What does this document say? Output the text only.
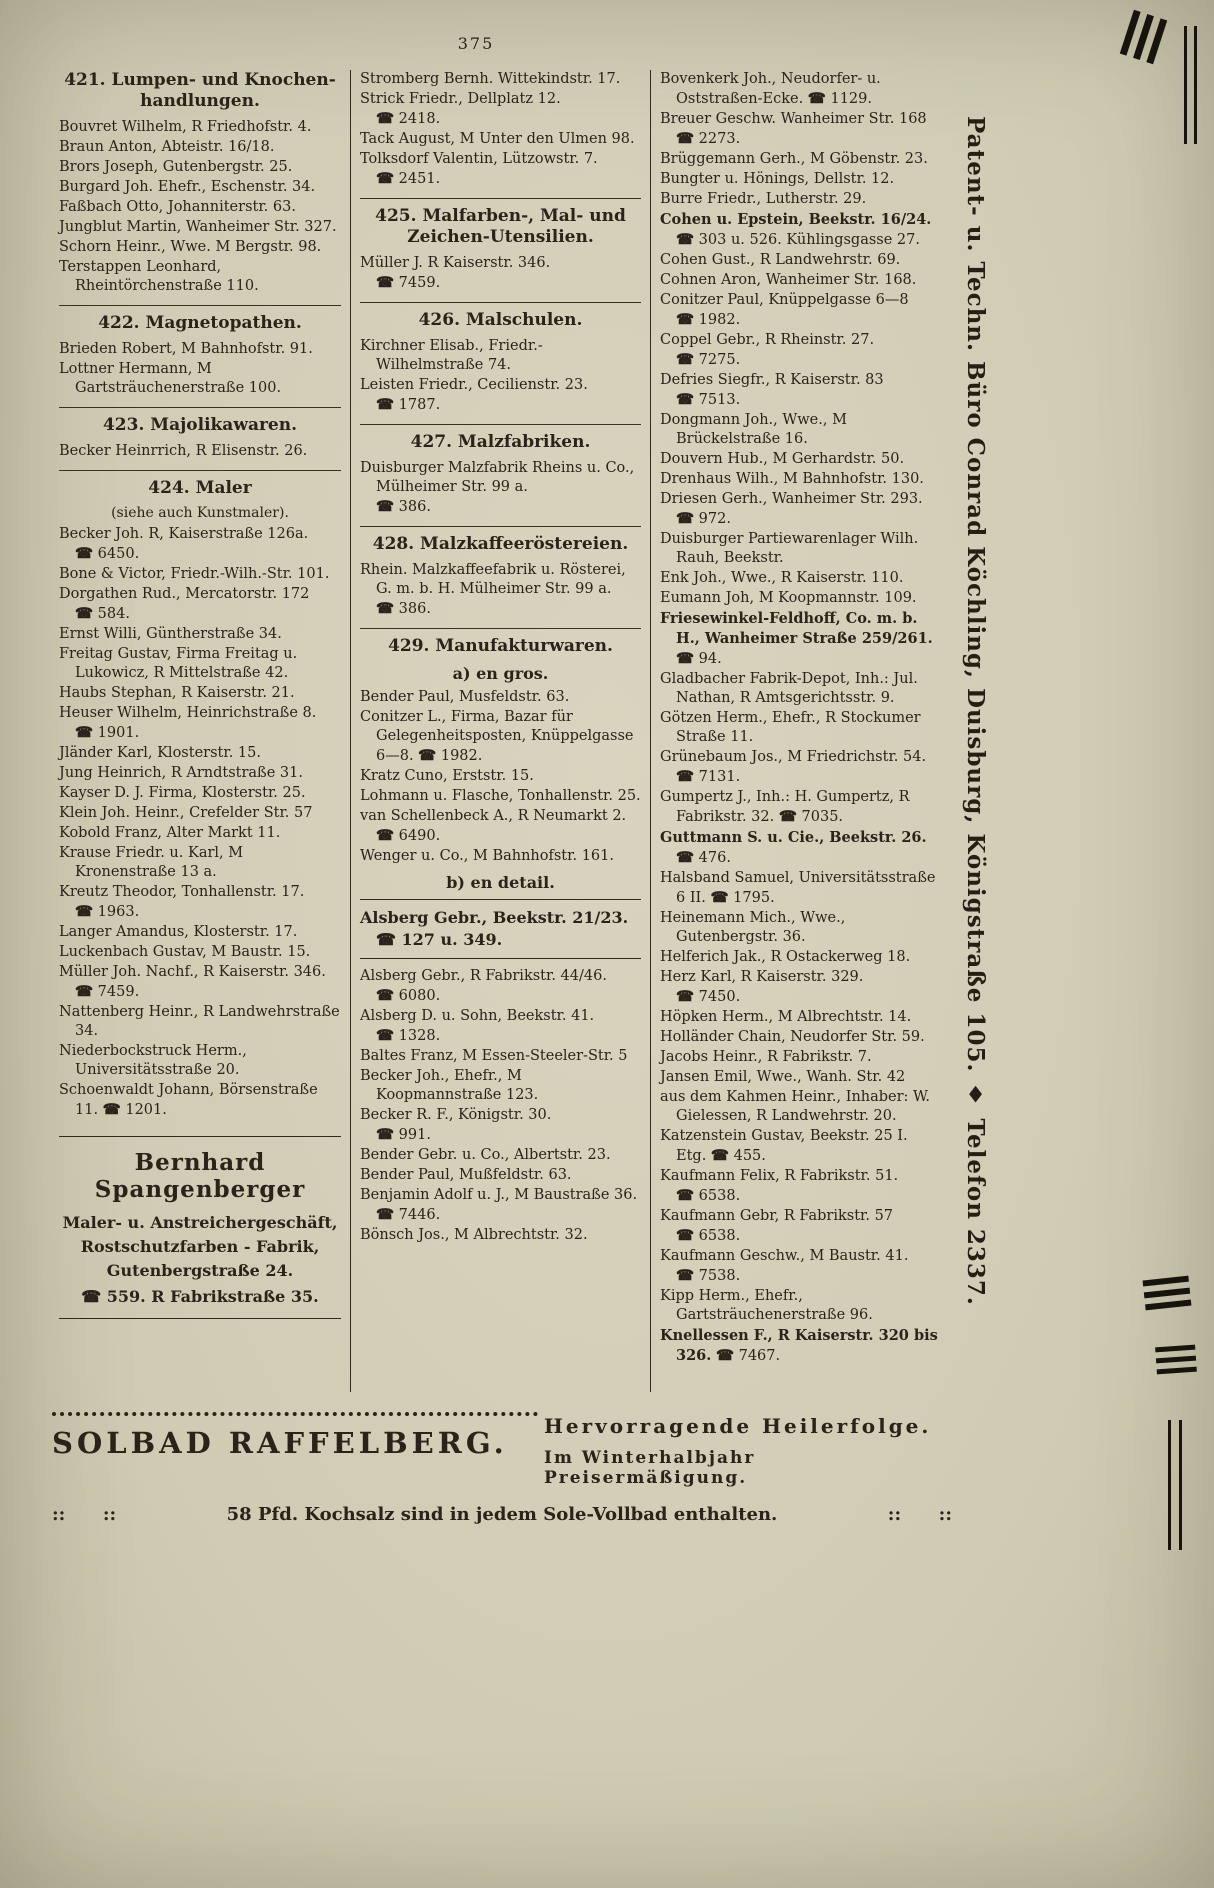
375
421. Lumpen- und Knochen-
handlungen.
Bouvret Wilhelm, R Friedhofstr. 4.
Braun Anton, Abteistr. 16/18.
Brors Joseph, Gutenbergstr. 25.
Burgard Joh. Ehefr., Eschenstr. 34.
Faßbach Otto, Johanniterstr. 63.
Jungblut Martin, Wanheimer Str. 327.
Schorn Heinr., Wwe. M Bergstr. 98.
Terstappen Leonhard, Rheintörchenstraße 110.
422. Magnetopathen.
Brieden Robert, M Bahnhofstr. 91.
Lottner Hermann, M Gartsträuchenerstraße 100.
423. Majolikawaren.
Becker Heinrrich, R Elisenstr. 26.
424. Maler
(siehe auch Kunstmaler).
Becker Joh. R, Kaiserstraße 126a.
☎ 6450.
Bone & Victor, Friedr.-Wilh.-Str. 101.
Dorgathen Rud., Mercatorstr. 172
☎ 584.
Ernst Willi, Güntherstraße 34.
Freitag Gustav, Firma Freitag u. Lukowicz, R Mittelstraße 42.
Haubs Stephan, R Kaiserstr. 21.
Heuser Wilhelm, Heinrichstraße 8.
☎ 1901.
Jländer Karl, Klosterstr. 15.
Jung Heinrich, R Arndtstraße 31.
Kayser D. J. Firma, Klosterstr. 25.
Klein Joh. Heinr., Crefelder Str. 57
Kobold Franz, Alter Markt 11.
Krause Friedr. u. Karl, M Kronenstraße 13 a.
Kreutz Theodor, Tonhallenstr. 17.
☎ 1963.
Langer Amandus, Klosterstr. 17.
Luckenbach Gustav, M Baustr. 15.
Müller Joh. Nachf., R Kaiserstr. 346.
☎ 7459.
Nattenberg Heinr., R Landwehrstraße 34.
Niederbockstruck Herm., Universitätsstraße 20.
Schoenwaldt Johann, Börsenstraße 11. ☎ 1201.
Bernhard Spangenberger
Maler- u. Anstreichergeschäft,
Rostschutzfarben - Fabrik,
Gutenbergstraße 24.
☎ 559. R Fabrikstraße 35.
Stromberg Bernh. Wittekindstr. 17.
Strick Friedr., Dellplatz 12.
☎ 2418.
Tack August, M Unter den Ulmen 98.
Tolksdorf Valentin, Lützowstr. 7.
☎ 2451.
425. Malfarben-, Mal- und
Zeichen-Utensilien.
Müller J. R Kaiserstr. 346.
☎ 7459.
426. Malschulen.
Kirchner Elisab., Friedr.-Wilhelmstraße 74.
Leisten Friedr., Cecilienstr. 23.
☎ 1787.
427. Malzfabriken.
Duisburger Malzfabrik Rheins u. Co., Mülheimer Str. 99 a.
☎ 386.
428. Malzkaffeeröstereien.
Rhein. Malzkaffeefabrik u. Rösterei, G. m. b. H. Mülheimer Str. 99 a.
☎ 386.
429. Manufakturwaren.
a) en gros.
Bender Paul, Musfeldstr. 63.
Conitzer L., Firma, Bazar für Gelegenheitsposten, Knüppelgasse 6—8. ☎ 1982.
Kratz Cuno, Erststr. 15.
Lohmann u. Flasche, Tonhallenstr. 25.
van Schellenbeck A., R Neumarkt 2.
☎ 6490.
Wenger u. Co., M Bahnhofstr. 161.
b) en detail.
Alsberg Gebr., Beekstr. 21/23.
☎ 127 u. 349.
Alsberg Gebr., R Fabrikstr. 44/46.
☎ 6080.
Alsberg D. u. Sohn, Beekstr. 41.
☎ 1328.
Baltes Franz, M Essen-Steeler-Str. 5
Becker Joh., Ehefr., M Koopmannstraße 123.
Becker R. F., Königstr. 30.
☎ 991.
Bender Gebr. u. Co., Albertstr. 23.
Bender Paul, Mußfeldstr. 63.
Benjamin Adolf u. J., M Baustraße 36. ☎ 7446.
Bönsch Jos., M Albrechtstr. 32.
Bovenkerk Joh., Neudorfer- u. Oststraßen-Ecke. ☎ 1129.
Breuer Geschw. Wanheimer Str. 168
☎ 2273.
Brüggemann Gerh., M Göbenstr. 23.
Bungter u. Hönings, Dellstr. 12.
Burre Friedr., Lutherstr. 29.
Cohen u. Epstein, Beekstr. 16/24.
☎ 303 u. 526. Kühlingsgasse 27.
Cohen Gust., R Landwehrstr. 69.
Cohnen Aron, Wanheimer Str. 168.
Conitzer Paul, Knüppelgasse 6—8
☎ 1982.
Coppel Gebr., R Rheinstr. 27.
☎ 7275.
Defries Siegfr., R Kaiserstr. 83
☎ 7513.
Dongmann Joh., Wwe., M Brückelstraße 16.
Douvern Hub., M Gerhardstr. 50.
Drenhaus Wilh., M Bahnhofstr. 130.
Driesen Gerh., Wanheimer Str. 293.
☎ 972.
Duisburger Partiewarenlager Wilh. Rauh, Beekstr.
Enk Joh., Wwe., R Kaiserstr. 110.
Eumann Joh, M Koopmannstr. 109.
Friesewinkel-Feldhoff, Co. m. b. H., Wanheimer Straße 259/261.
☎ 94.
Gladbacher Fabrik-Depot, Inh.: Jul. Nathan, R Amtsgerichtsstr. 9.
Götzen Herm., Ehefr., R Stockumer Straße 11.
Grünebaum Jos., M Friedrichstr. 54.
☎ 7131.
Gumpertz J., Inh.: H. Gumpertz, R Fabrikstr. 32. ☎ 7035.
Guttmann S. u. Cie., Beekstr. 26.
☎ 476.
Halsband Samuel, Universitätsstraße 6 II. ☎ 1795.
Heinemann Mich., Wwe., Gutenbergstr. 36.
Helferich Jak., R Ostackerweg 18.
Herz Karl, R Kaiserstr. 329.
☎ 7450.
Höpken Herm., M Albrechtstr. 14.
Holländer Chain, Neudorfer Str. 59.
Jacobs Heinr., R Fabrikstr. 7.
Jansen Emil, Wwe., Wanh. Str. 42
aus dem Kahmen Heinr., Inhaber: W. Gielessen, R Landwehrstr. 20.
Katzenstein Gustav, Beekstr. 25 I. Etg. ☎ 455.
Kaufmann Felix, R Fabrikstr. 51.
☎ 6538.
Kaufmann Gebr, R Fabrikstr. 57
☎ 6538.
Kaufmann Geschw., M Baustr. 41.
☎ 7538.
Kipp Herm., Ehefr., Gartsträuchenerstraße 96.
Knellessen F., R Kaiserstr. 320 bis 326. ☎ 7467.
Patent- u. Techn. Büro Conrad Köchling, Duisburg, Königstraße 105. ♦ Telefon 2337.
SOLBAD RAFFELBERG.	Hervorragende Heilerfolge.
Im Winterhalbjahr Preisermäßigung.
::      ::	58 Pfd. Kochsalz sind in jedem Sole-Vollbad enthalten.	::      ::
